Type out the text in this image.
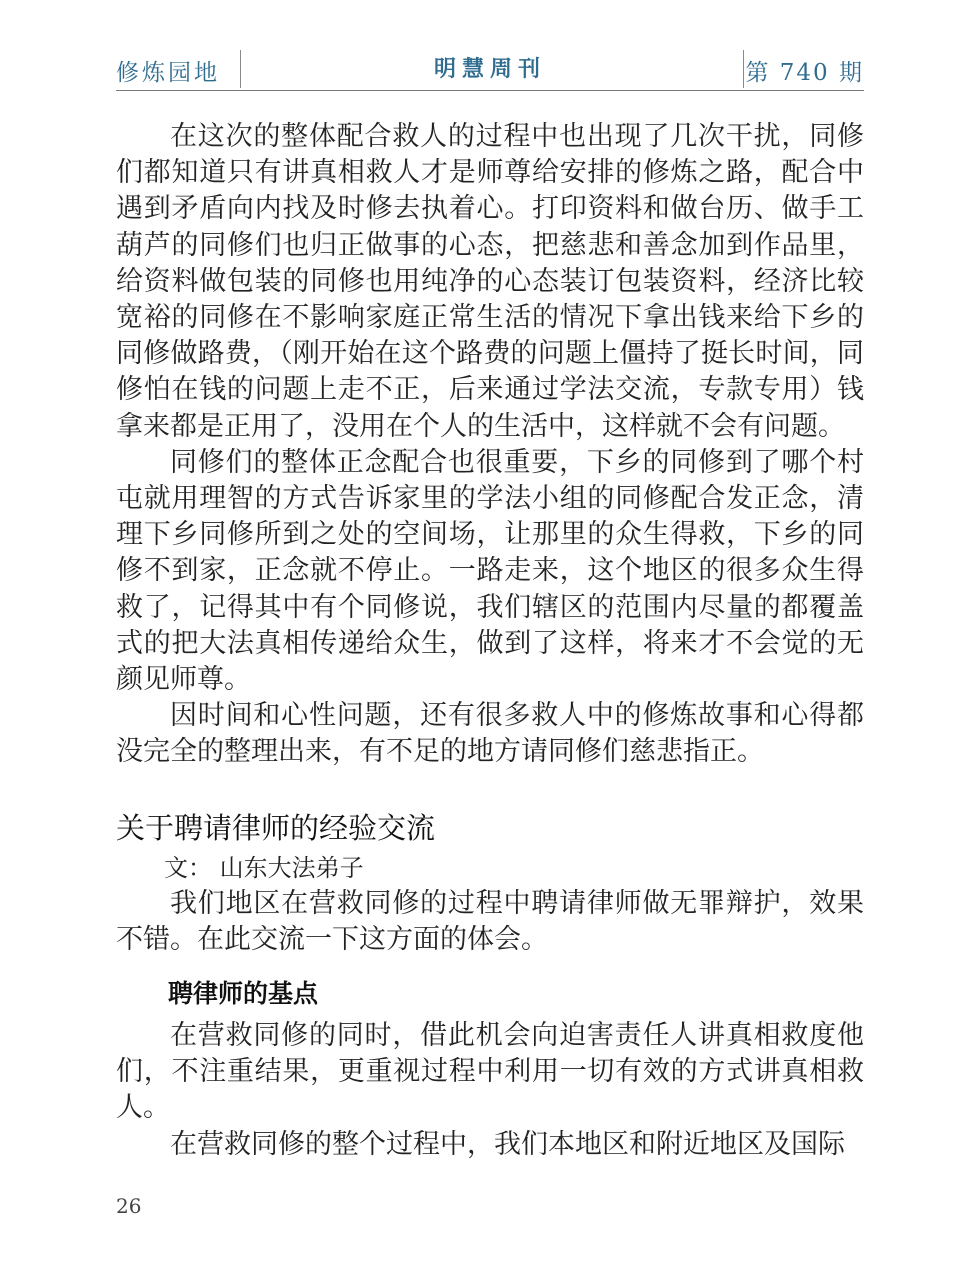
修炼园地	明慧周刊	第 740 期

在这次的整体配合救人的过程中也出现了几次干扰，同修们都知道只有讲真相救人才是师尊给安排的修炼之路，配合中遇到矛盾向内找及时修去执着心。打印资料和做台历、做手工葫芦的同修们也归正做事的心态，把慈悲和善念加到作品里，给资料做包装的同修也用纯净的心态装订包装资料，经济比较宽裕的同修在不影响家庭正常生活的情况下拿出钱来给下乡的同修做路费，（刚开始在这个路费的问题上僵持了挺长时间，同修怕在钱的问题上走不正，后来通过学法交流，专款专用）钱拿来都是正用了，没用在个人的生活中，这样就不会有问题。

同修们的整体正念配合也很重要，下乡的同修到了哪个村屯就用理智的方式告诉家里的学法小组的同修配合发正念，清理下乡同修所到之处的空间场，让那里的众生得救，下乡的同修不到家，正念就不停止。一路走来，这个地区的很多众生得救了，记得其中有个同修说，我们辖区的范围内尽量的都覆盖式的把大法真相传递给众生，做到了这样，将来才不会觉的无颜见师尊。

因时间和心性问题，还有很多救人中的修炼故事和心得都没完全的整理出来，有不足的地方请同修们慈悲指正。

关于聘请律师的经验交流

文： 山东大法弟子

我们地区在营救同修的过程中聘请律师做无罪辩护，效果不错。在此交流一下这方面的体会。

聘律师的基点

在营救同修的同时，借此机会向迫害责任人讲真相救度他们，不注重结果，更重视过程中利用一切有效的方式讲真相救人。

在营救同修的整个过程中，我们本地区和附近地区及国际

26
